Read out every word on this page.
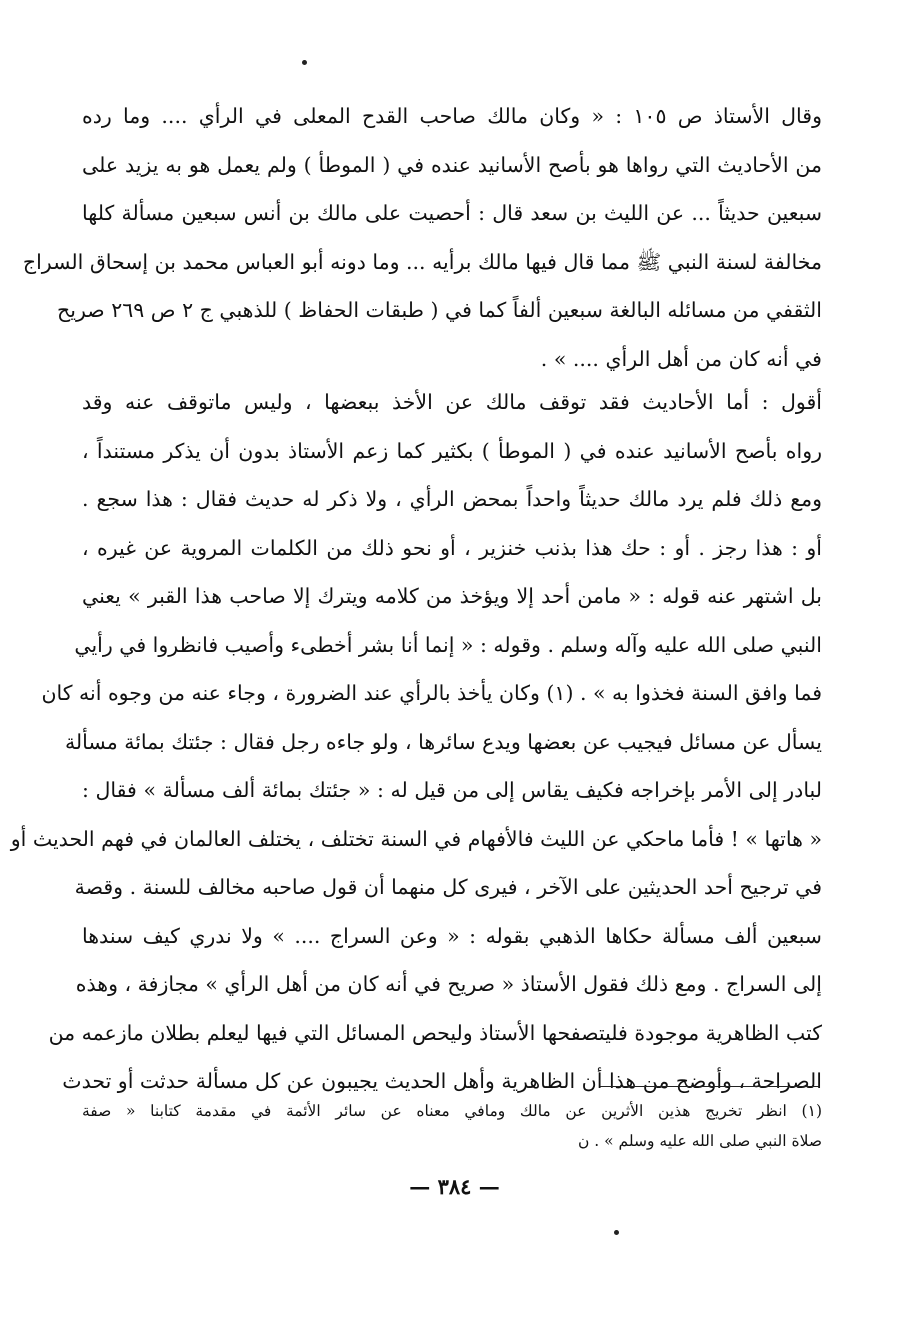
وقال الأستاذ ص ١٠٥ : « وكان مالك صاحب القدح المعلى في الرأي .... وما رده
من الأحاديث التي رواها هو بأصح الأسانيد عنده في ( الموطأ ) ولم يعمل هو به يزيد على
سبعين حديثاً ... عن الليث بن سعد قال : أحصيت على مالك بن أنس سبعين مسألة كلها
مخالفة لسنة النبي ﷺ مما قال فيها مالك برأيه ... وما دونه أبو العباس محمد بن إسحاق السراج
الثقفي من مسائله البالغة سبعين ألفاً كما في ( طبقات الحفاظ ) للذهبي ج ٢ ص ٢٦٩ صريح
في أنه كان من أهل الرأي .... » .
أقول : أما الأحاديث فقد توقف مالك عن الأخذ ببعضها ، وليس ماتوقف عنه وقد
رواه بأصح الأسانيد عنده في ( الموطأ ) بكثير كما زعم الأستاذ بدون أن يذكر مستنداً ،
ومع ذلك فلم يرد مالك حديثاً واحداً بمحض الرأي ، ولا ذكر له حديث فقال : هذا سجع .
أو : هذا رجز . أو : حك هذا بذنب خنزير ، أو نحو ذلك من الكلمات المروية عن غيره ،
بل اشتهر عنه قوله : « مامن أحد إلا ويؤخذ من كلامه ويترك إلا صاحب هذا القبر » يعني
النبي صلى الله عليه وآله وسلم . وقوله : « إنما أنا بشر أخطىء وأصيب فانظروا في رأيي
فما وافق السنة فخذوا به » . (١) وكان يأخذ بالرأي عند الضرورة ، وجاء عنه من وجوه أنه كان
يسأل عن مسائل فيجيب عن بعضها ويدع سائرها ، ولو جاءه رجل فقال : جئتك بمائة مسألة
لبادر إلى الأمر بإخراجه فكيف يقاس إلى من قيل له : « جئتك بمائة ألف مسألة » فقال :
« هاتها » ! فأما ماحكي عن الليث فالأفهام في السنة تختلف ، يختلف العالمان في فهم الحديث أو
في ترجيح أحد الحديثين على الآخر ، فيرى كل منهما أن قول صاحبه مخالف للسنة . وقصة
سبعين ألف مسألة حكاها الذهبي بقوله : « وعن السراج .... » ولا ندري كيف سندها
إلى السراج . ومع ذلك فقول الأستاذ « صريح في أنه كان من أهل الرأي » مجازفة ، وهذه
كتب الظاهرية موجودة فليتصفحها الأستاذ وليحص المسائل التي فيها ليعلم بطلان مازعمه من
الصراحة ، وأوضح من هذا أن الظاهرية وأهل الحديث يجيبون عن كل مسألة حدثت أو تحدث
(١) انظر تخريج هذين الأثرين عن مالك ومافي معناه عن سائر الأئمة في مقدمة كتابنا « صفة
صلاة النبي صلى الله عليه وسلم » . ن
— ٣٨٤ —
